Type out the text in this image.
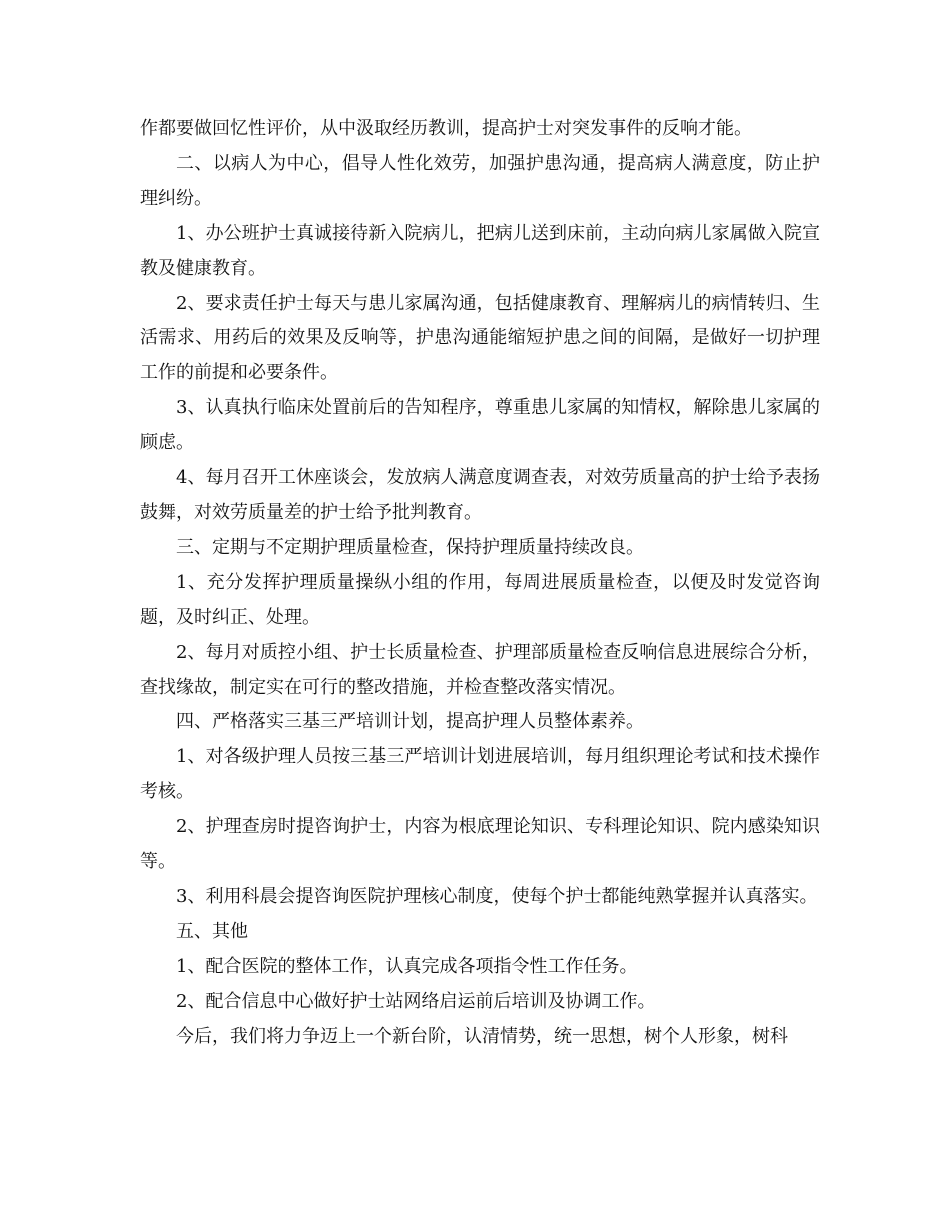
作都要做回忆性评价，从中汲取经历教训，提高护士对突发事件的反响才能。

二、以病人为中心，倡导人性化效劳，加强护患沟通，提高病人满意度，防止护理纠纷。

1、办公班护士真诚接待新入院病儿，把病儿送到床前，主动向病儿家属做入院宣教及健康教育。

2、要求责任护士每天与患儿家属沟通，包括健康教育、理解病儿的病情转归、生活需求、用药后的效果及反响等，护患沟通能缩短护患之间的间隔，是做好一切护理工作的前提和必要条件。

3、认真执行临床处置前后的告知程序，尊重患儿家属的知情权，解除患儿家属的顾虑。

4、每月召开工休座谈会，发放病人满意度调查表，对效劳质量高的护士给予表扬鼓舞，对效劳质量差的护士给予批判教育。

三、定期与不定期护理质量检查，保持护理质量持续改良。

1、充分发挥护理质量操纵小组的作用，每周进展质量检查，以便及时发觉咨询题，及时纠正、处理。

2、每月对质控小组、护士长质量检查、护理部质量检查反响信息进展综合分析，查找缘故，制定实在可行的整改措施，并检查整改落实情况。

四、严格落实三基三严培训计划，提高护理人员整体素养。

1、对各级护理人员按三基三严培训计划进展培训，每月组织理论考试和技术操作考核。

2、护理查房时提咨询护士，内容为根底理论知识、专科理论知识、院内感染知识等。

3、利用科晨会提咨询医院护理核心制度，使每个护士都能纯熟掌握并认真落实。

五、其他

1、配合医院的整体工作，认真完成各项指令性工作任务。

2、配合信息中心做好护士站网络启运前后培训及协调工作。

今后，我们将力争迈上一个新台阶，认清情势，统一思想，树个人形象，树科
